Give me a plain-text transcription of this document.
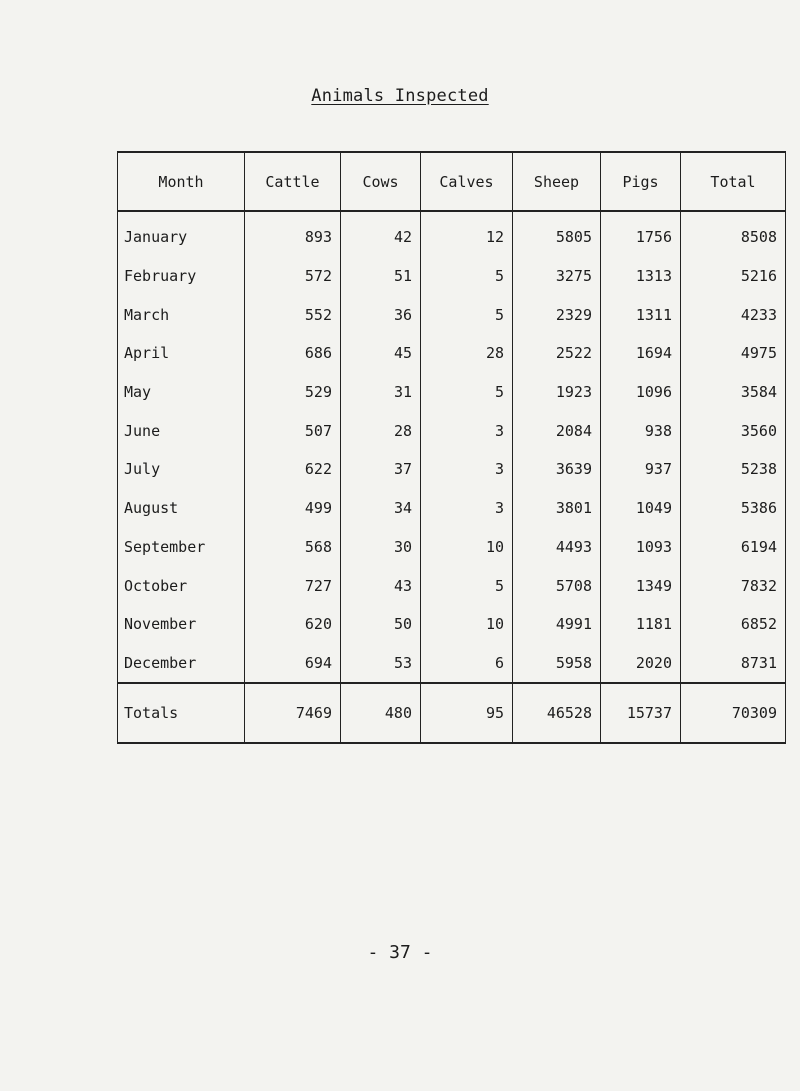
Animals Inspected
Month	Cattle	Cows	Calves	Sheep	Pigs	Total
January	893	42	12	5805	1756	8508
February	572	51	5	3275	1313	5216
March	552	36	5	2329	1311	4233
April	686	45	28	2522	1694	4975
May	529	31	5	1923	1096	3584
June	507	28	3	2084	938	3560
July	622	37	3	3639	937	5238
August	499	34	3	3801	1049	5386
September	568	30	10	4493	1093	6194
October	727	43	5	5708	1349	7832
November	620	50	10	4991	1181	6852
December	694	53	6	5958	2020	8731
Totals	7469	480	95	46528	15737	70309
- 37 -
